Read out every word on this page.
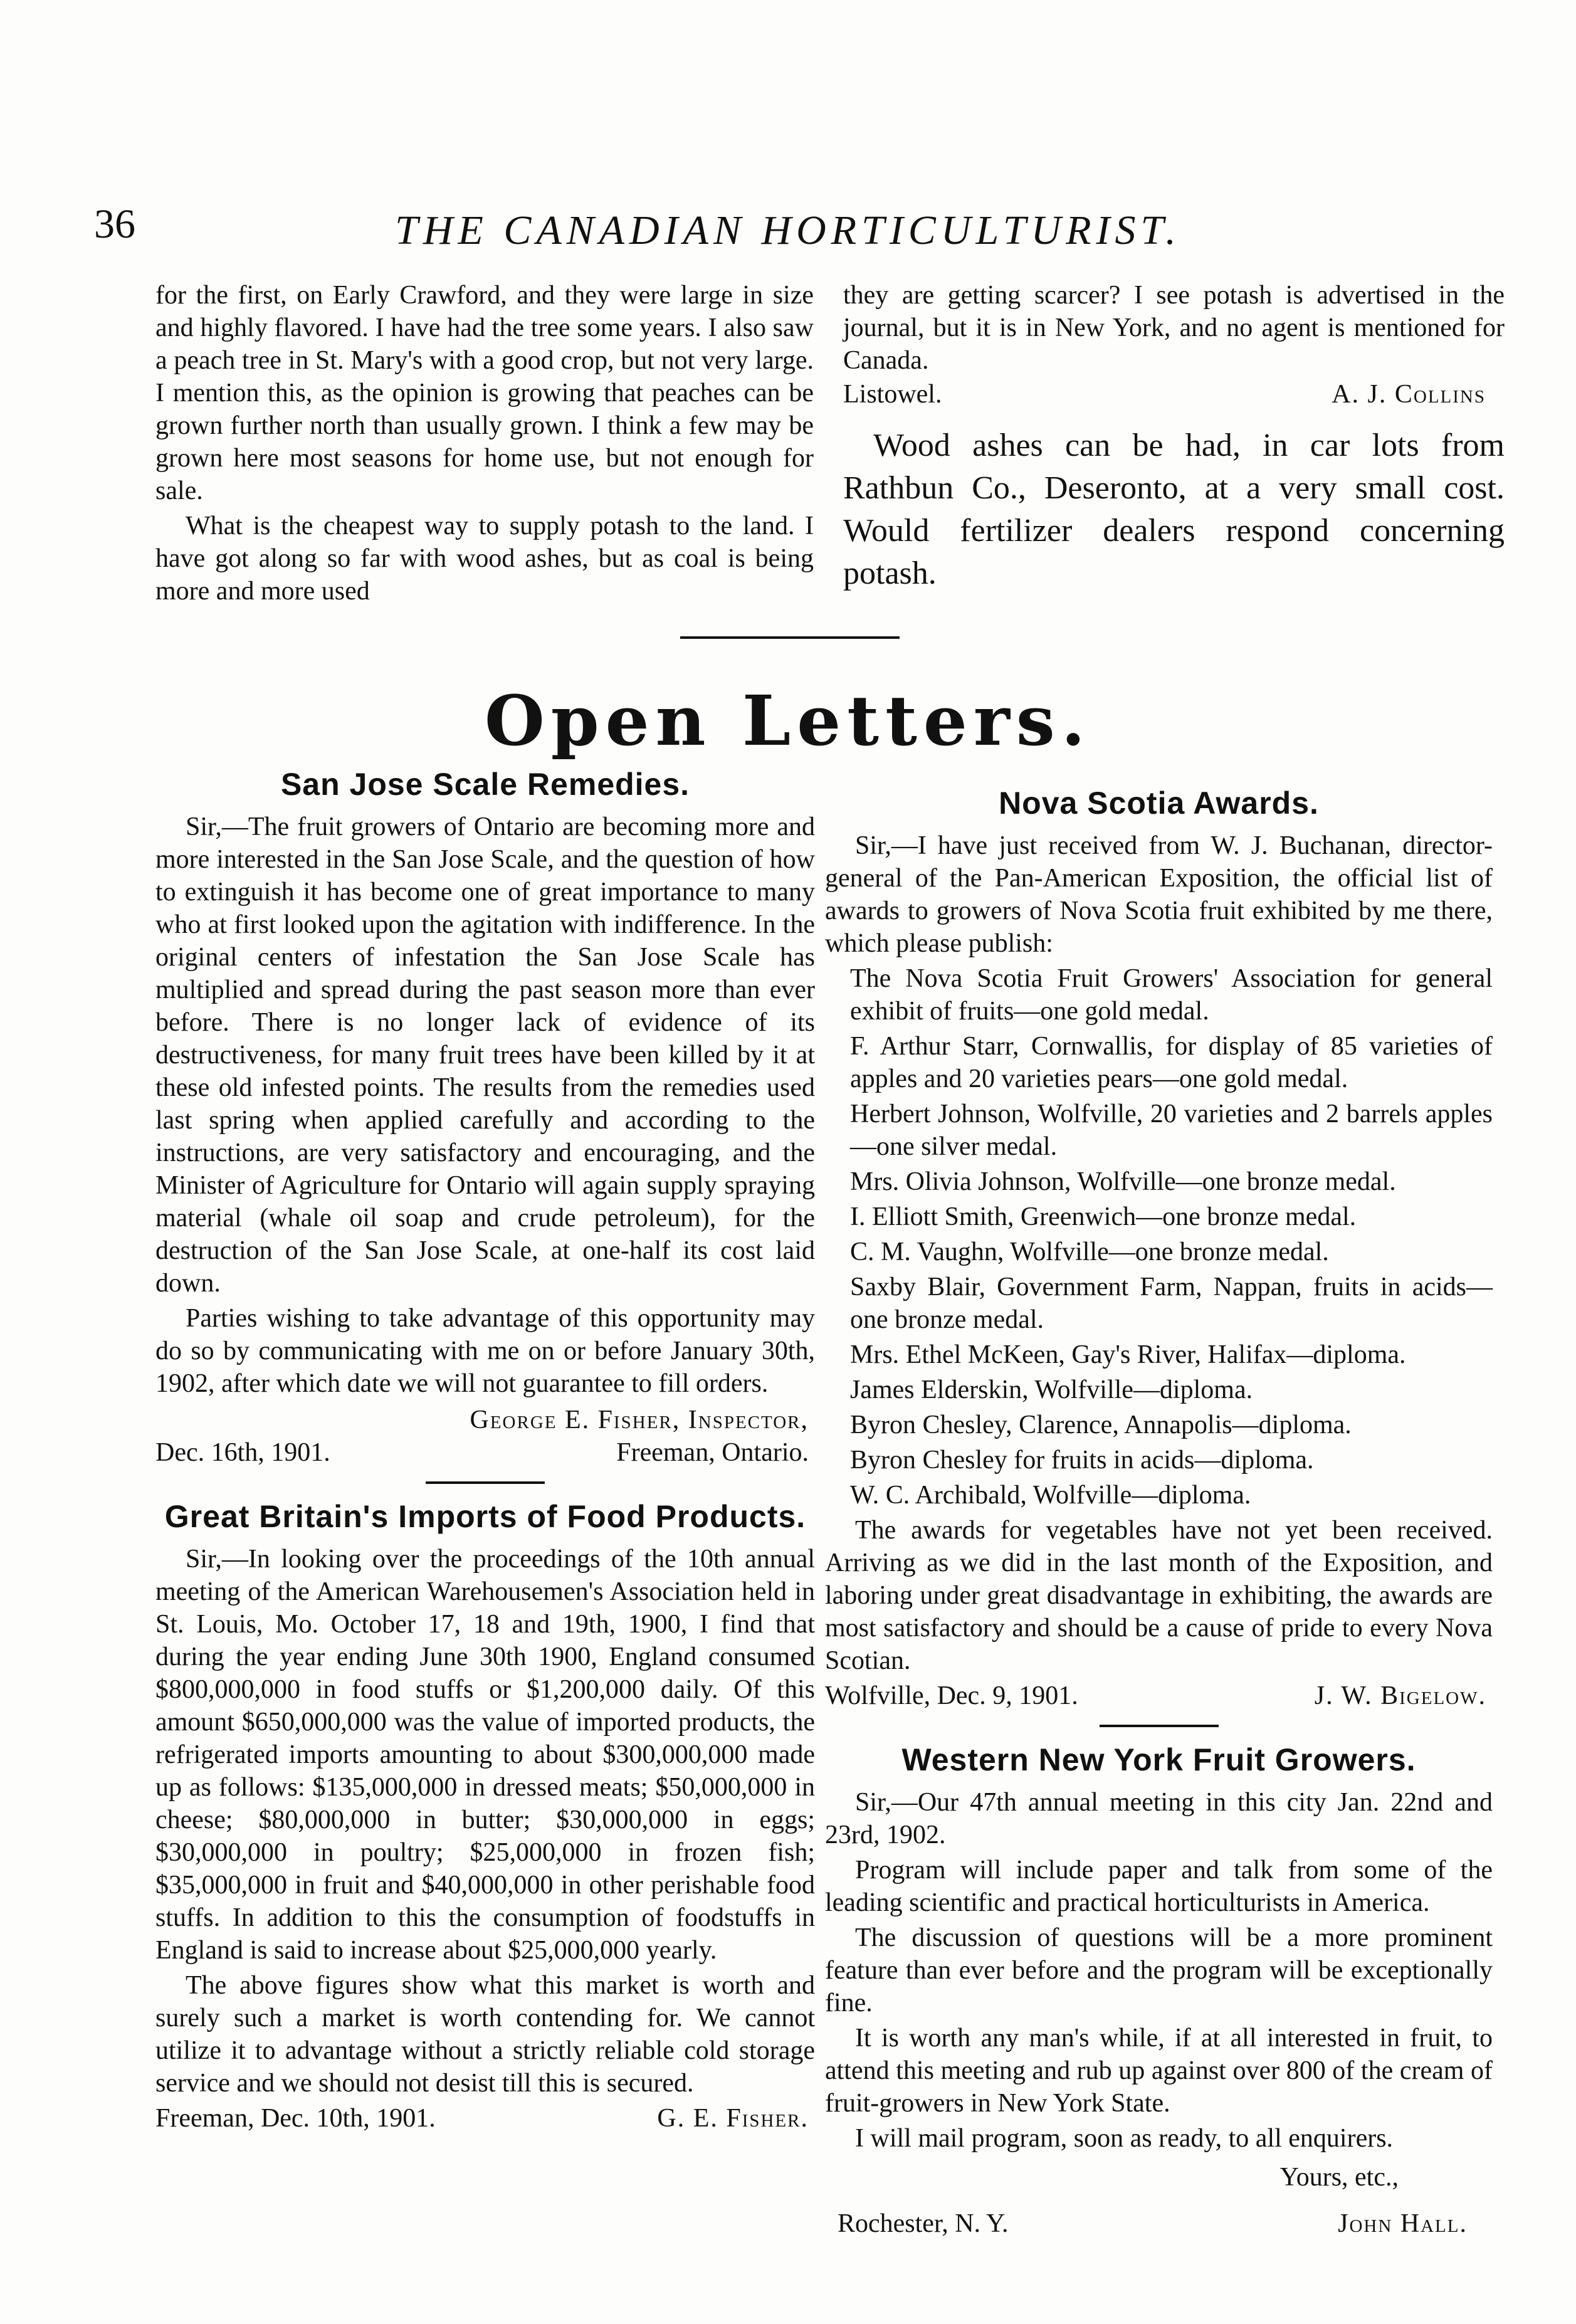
36	THE CANADIAN HORTICULTURIST.

for the first, on Early Crawford, and they were large in size and highly flavored. I have had the tree some years. I also saw a peach tree in St. Mary's with a good crop, but not very large. I mention this, as the opinion is growing that peaches can be grown further north than usually grown. I think a few may be grown here most seasons for home use, but not enough for sale.

What is the cheapest way to supply potash to the land. I have got along so far with wood ashes, but as coal is being more and more used

they are getting scarcer? I see potash is advertised in the journal, but it is in New York, and no agent is mentioned for Canada.

Listowel.	A. J. Collins
Wood ashes can be had, in car lots from Rathbun Co., Deseronto, at a very small cost. Would fertilizer dealers respond concerning potash.
Open Letters.
San Jose Scale Remedies.

Sir,—The fruit growers of Ontario are becoming more and more interested in the San Jose Scale, and the question of how to extinguish it has become one of great importance to many who at first looked upon the agitation with indifference. In the original centers of infestation the San Jose Scale has multiplied and spread during the past season more than ever before. There is no longer lack of evidence of its destructiveness, for many fruit trees have been killed by it at these old infested points. The results from the remedies used last spring when applied carefully and according to the instructions, are very satisfactory and encouraging, and the Minister of Agriculture for Ontario will again supply spraying material (whale oil soap and crude petroleum), for the destruction of the San Jose Scale, at one-half its cost laid down.

Parties wishing to take advantage of this opportunity may do so by communicating with me on or before January 30th, 1902, after which date we will not guarantee to fill orders.

George E. Fisher, Inspector,
Dec. 16th, 1901.	Freeman, Ontario.
Great Britain's Imports of Food Products.

Sir,—In looking over the proceedings of the 10th annual meeting of the American Warehousemen's Association held in St. Louis, Mo. October 17, 18 and 19th, 1900, I find that during the year ending June 30th 1900, England consumed $800,000,000 in food stuffs or $1,200,000 daily. Of this amount $650,000,000 was the value of imported products, the refrigerated imports amounting to about $300,000,000 made up as follows: $135,000,000 in dressed meats; $50,000,000 in cheese; $80,000,000 in butter; $30,000,000 in eggs; $30,000,000 in poultry; $25,000,000 in frozen fish; $35,000,000 in fruit and $40,000,000 in other perishable food stuffs. In addition to this the consumption of foodstuffs in England is said to increase about $25,000,000 yearly.

The above figures show what this market is worth and surely such a market is worth contending for. We cannot utilize it to advantage without a strictly reliable cold storage service and we should not desist till this is secured.

Freeman, Dec. 10th, 1901.	G. E. Fisher.
Nova Scotia Awards.

Sir,—I have just received from W. J. Buchanan, director-general of the Pan-American Exposition, the official list of awards to growers of Nova Scotia fruit exhibited by me there, which please publish:

The Nova Scotia Fruit Growers' Association for general exhibit of fruits—one gold medal.

F. Arthur Starr, Cornwallis, for display of 85 varieties of apples and 20 varieties pears—one gold medal.

Herbert Johnson, Wolfville, 20 varieties and 2 barrels apples—one silver medal.

Mrs. Olivia Johnson, Wolfville—one bronze medal.

I. Elliott Smith, Greenwich—one bronze medal.

C. M. Vaughn, Wolfville—one bronze medal.

Saxby Blair, Government Farm, Nappan, fruits in acids—one bronze medal.

Mrs. Ethel McKeen, Gay's River, Halifax—diploma.

James Elderskin, Wolfville—diploma.

Byron Chesley, Clarence, Annapolis—diploma.

Byron Chesley for fruits in acids—diploma.

W. C. Archibald, Wolfville—diploma.

The awards for vegetables have not yet been received. Arriving as we did in the last month of the Exposition, and laboring under great disadvantage in exhibiting, the awards are most satisfactory and should be a cause of pride to every Nova Scotian.

Wolfville, Dec. 9, 1901.	J. W. Bigelow.
Western New York Fruit Growers.

Sir,—Our 47th annual meeting in this city Jan. 22nd and 23rd, 1902.

Program will include paper and talk from some of the leading scientific and practical horticulturists in America.

The discussion of questions will be a more prominent feature than ever before and the program will be exceptionally fine.

It is worth any man's while, if at all interested in fruit, to attend this meeting and rub up against over 800 of the cream of fruit-growers in New York State.

I will mail program, soon as ready, to all enquirers.

Yours, etc.,
Rochester, N. Y.	John Hall.
